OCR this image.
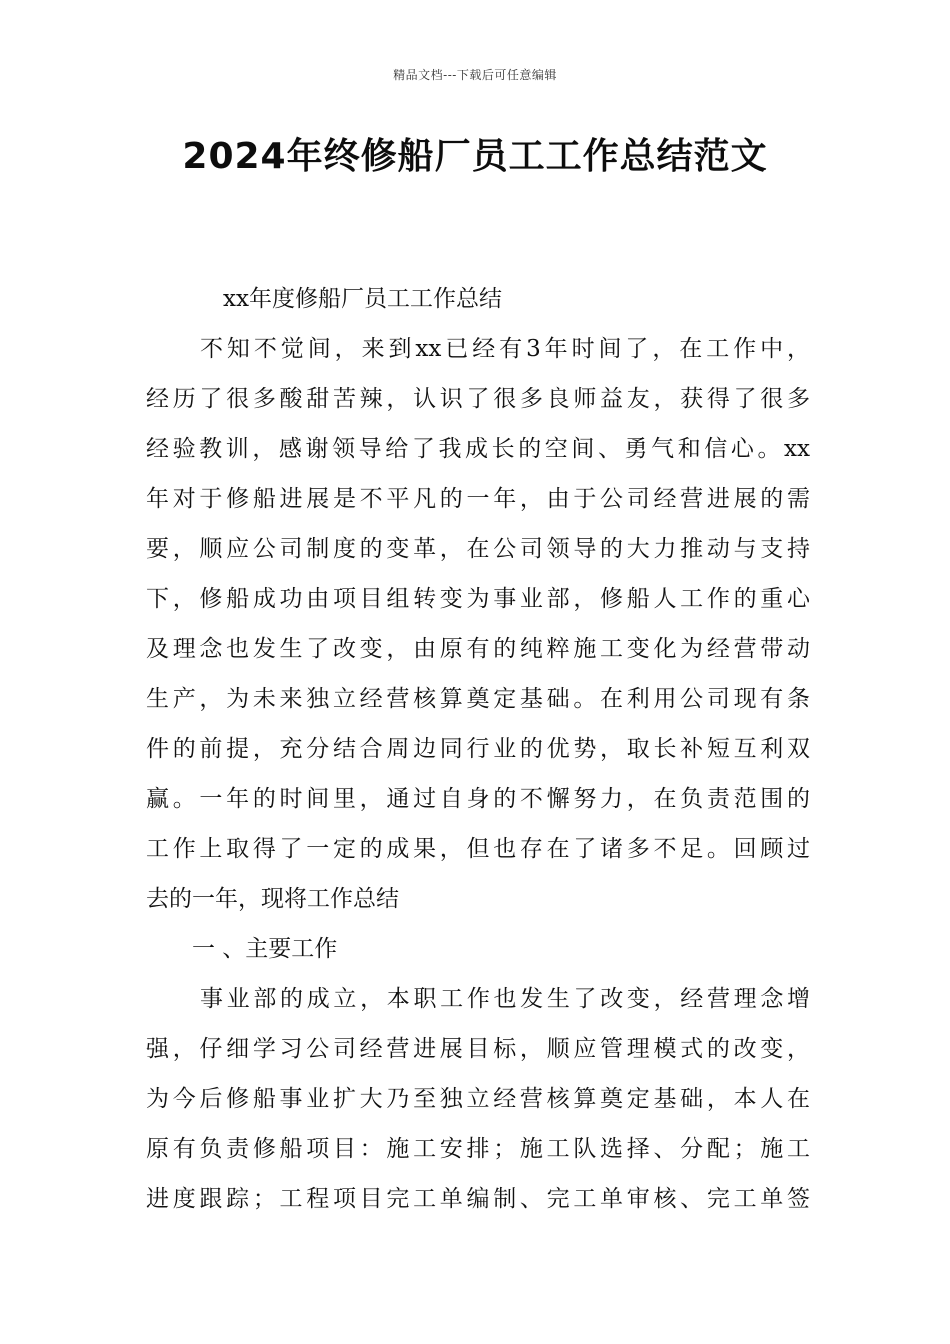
精品文档---下载后可任意编辑
2024年终修船厂员工工作总结范文
xx年度修船厂员工工作总结
不知不觉间，来到xx已经有3年时间了，在工作中，
经历了很多酸甜苦辣，认识了很多良师益友，获得了很多
经验教训，感谢领导给了我成长的空间、勇气和信心。xx
年对于修船进展是不平凡的一年，由于公司经营进展的需
要，顺应公司制度的变革，在公司领导的大力推动与支持
下，修船成功由项目组转变为事业部，修船人工作的重心
及理念也发生了改变，由原有的纯粹施工变化为经营带动
生产，为未来独立经营核算奠定基础。在利用公司现有条
件的前提，充分结合周边同行业的优势，取长补短互利双
赢。一年的时间里，通过自身的不懈努力，在负责范围的
工作上取得了一定的成果，但也存在了诸多不足。回顾过
去的一年，现将工作总结
一 、主要工作
事业部的成立，本职工作也发生了改变，经营理念增
强，仔细学习公司经营进展目标，顺应管理模式的改变，
为今后修船事业扩大乃至独立经营核算奠定基础，本人在
原有负责修船项目：施工安排；施工队选择、分配；施工
进度跟踪；工程项目完工单编制、完工单审核、完工单签
